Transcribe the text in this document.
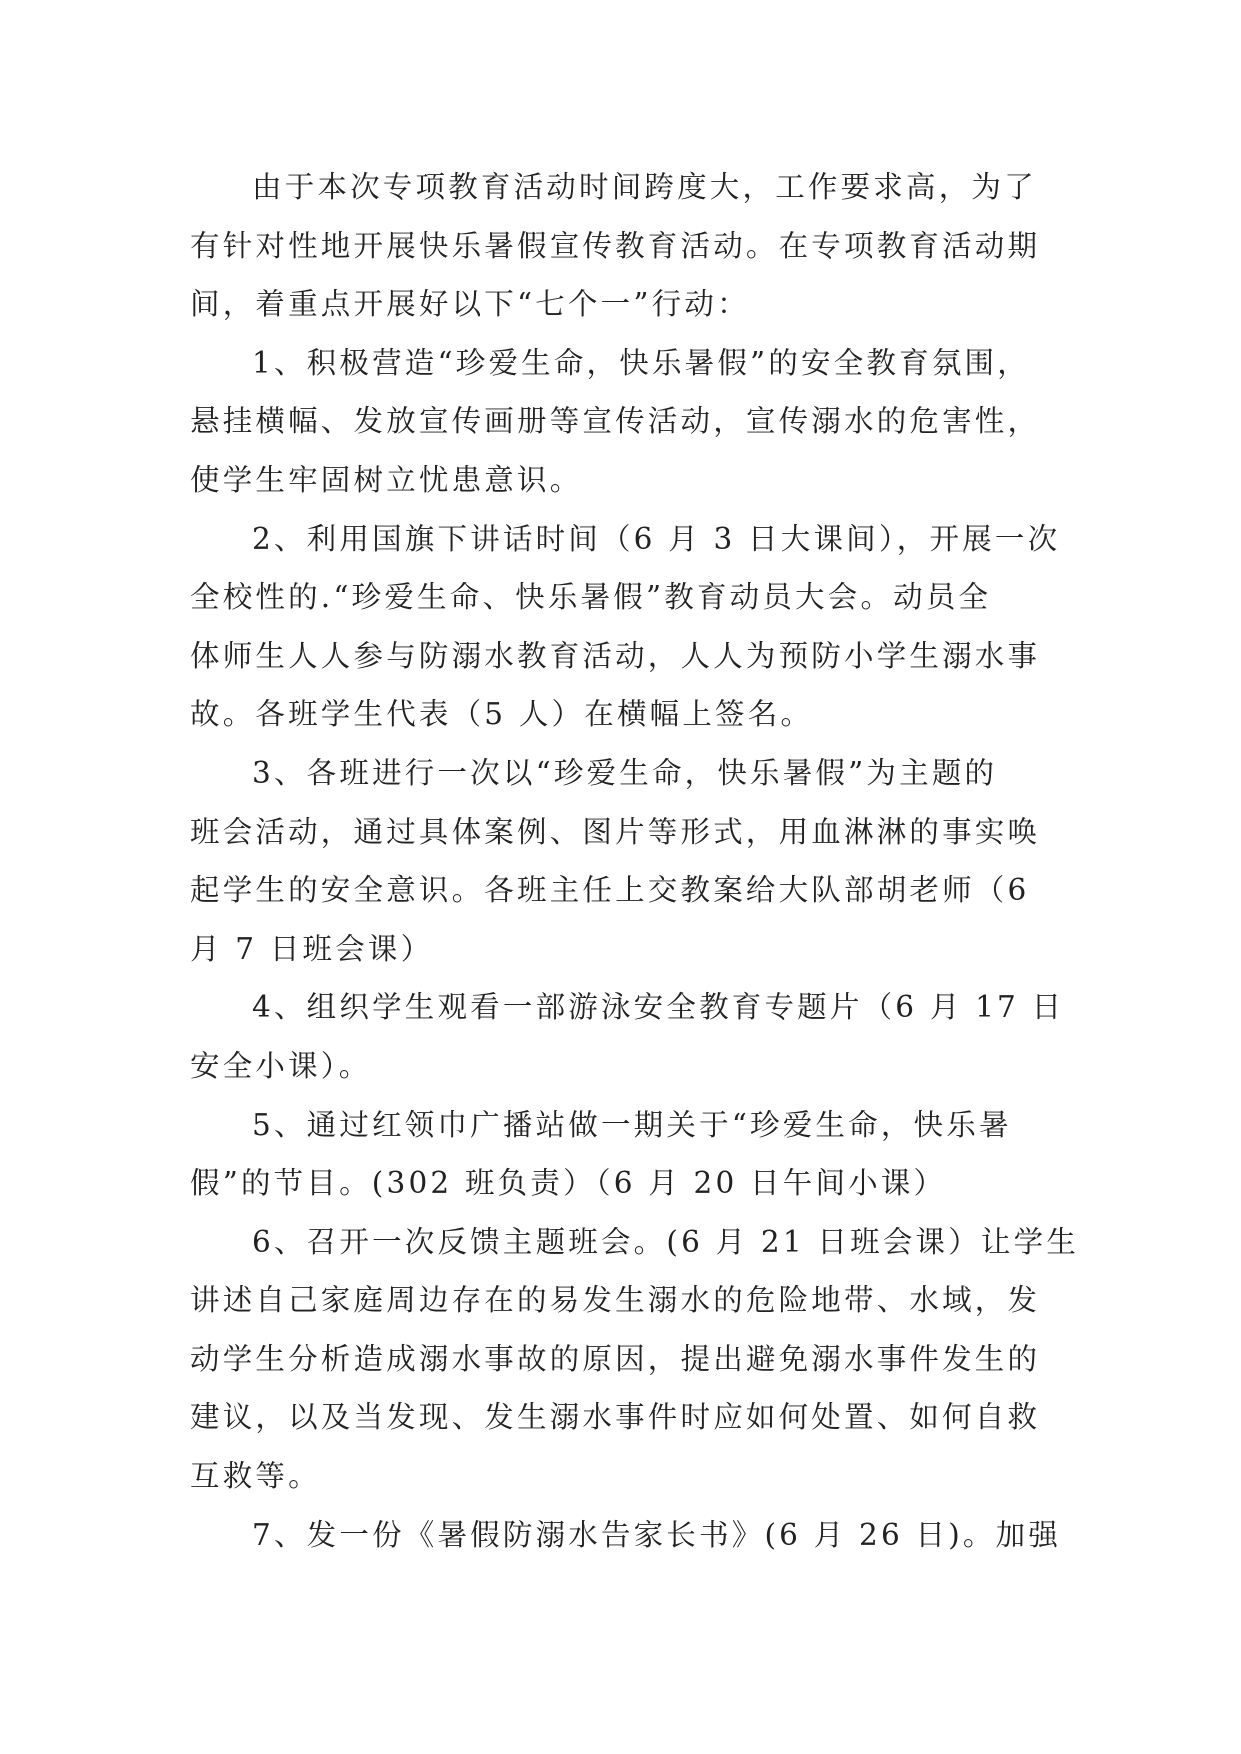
由于本次专项教育活动时间跨度大，工作要求高，为了
有针对性地开展快乐暑假宣传教育活动。在专项教育活动期
间，着重点开展好以下“七个一”行动：
1、积极营造“珍爱生命，快乐暑假”的安全教育氛围，
悬挂横幅、发放宣传画册等宣传活动，宣传溺水的危害性，
使学生牢固树立忧患意识。
2、利用国旗下讲话时间（6 月 3 日大课间），开展一次
全校性的.“珍爱生命、快乐暑假”教育动员大会。动员全
体师生人人参与防溺水教育活动，人人为预防小学生溺水事
故。各班学生代表（5 人）在横幅上签名。
3、各班进行一次以“珍爱生命，快乐暑假”为主题的
班会活动，通过具体案例、图片等形式，用血淋淋的事实唤
起学生的安全意识。各班主任上交教案给大队部胡老师（6
月 7 日班会课）
4、组织学生观看一部游泳安全教育专题片（6 月 17 日
安全小课）。
5、通过红领巾广播站做一期关于“珍爱生命，快乐暑
假”的节目。(302 班负责）（6 月 20 日午间小课）
6、召开一次反馈主题班会。(6 月 21 日班会课）让学生
讲述自己家庭周边存在的易发生溺水的危险地带、水域，发
动学生分析造成溺水事故的原因，提出避免溺水事件发生的
建议，以及当发现、发生溺水事件时应如何处置、如何自救
互救等。
7、发一份《暑假防溺水告家长书》(6 月 26 日)。加强
